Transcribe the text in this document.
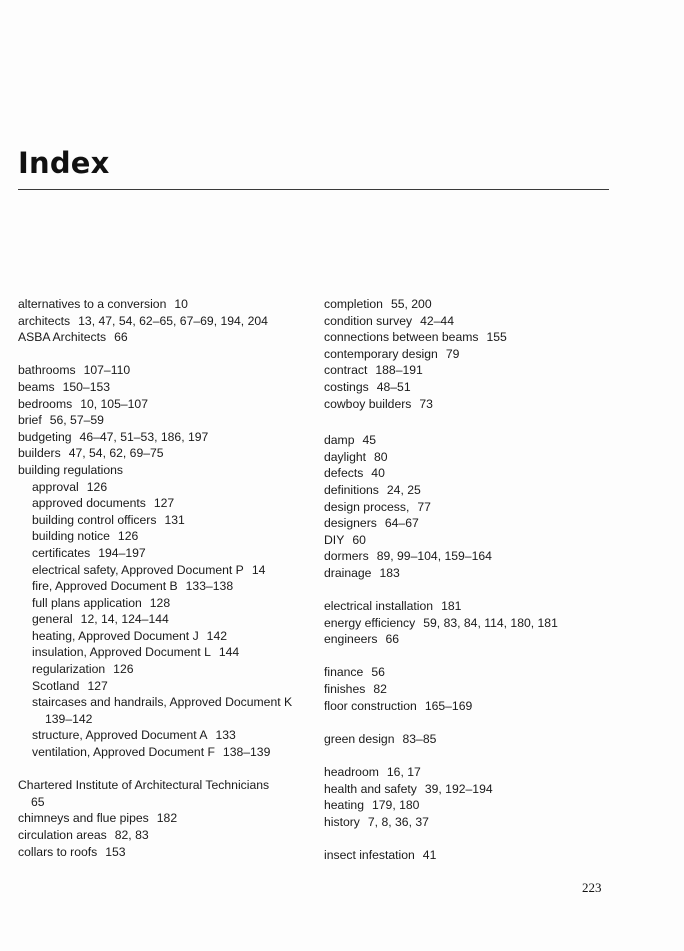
Index
alternatives to a conversion 10
architects 13, 47, 54, 62–65, 67–69, 194, 204
ASBA Architects 66
bathrooms 107–110
beams 150–153
bedrooms 10, 105–107
brief 56, 57–59
budgeting 46–47, 51–53, 186, 197
builders 47, 54, 62, 69–75
building regulations
approval 126
approved documents 127
building control officers 131
building notice 126
certificates 194–197
electrical safety, Approved Document P 14
fire, Approved Document B 133–138
full plans application 128
general 12, 14, 124–144
heating, Approved Document J 142
insulation, Approved Document L 144
regularization 126
Scotland 127
staircases and handrails, Approved Document K
139–142
structure, Approved Document A 133
ventilation, Approved Document F 138–139
Chartered Institute of Architectural Technicians
65
chimneys and flue pipes 182
circulation areas 82, 83
collars to roofs 153
completion 55, 200
condition survey 42–44
connections between beams 155
contemporary design 79
contract 188–191
costings 48–51
cowboy builders 73
damp 45
daylight 80
defects 40
definitions 24, 25
design process, 77
designers 64–67
DIY 60
dormers 89, 99–104, 159–164
drainage 183
electrical installation 181
energy efficiency 59, 83, 84, 114, 180, 181
engineers 66
finance 56
finishes 82
floor construction 165–169
green design 83–85
headroom 16, 17
health and safety 39, 192–194
heating 179, 180
history 7, 8, 36, 37
insect infestation 41
223
